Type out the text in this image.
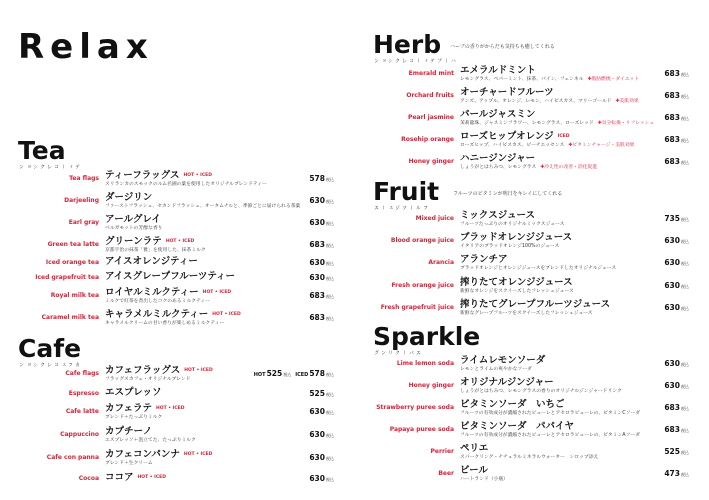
Relax
Tea
ティーコレクション
Tea flags ティーフラッグス $^{HOT • ICED}$
スリランカのスモックのルム名園の葉を使用したオリジナルブレンドティー
578税込
Darjeeling ダージリン
ファーストフラッシュ、セカンドフラッシュ、オータムナルと、季節ごとに届けられる茶葉
630税込
Earl gray アールグレイ
ベルガモットの芳醇な香り
630税込
Green tea latte グリーンラテ $^{HOT • ICED}$
京都宇治の抹茶「雅」を使用した、抹茶ミルク
683税込
Iced orange tea アイスオレンジティー	630税込
Iced grapefruit tea アイスグレープフルーツティー	630税込
Royal milk tea ロイヤルミルクティー $^{HOT • ICED}$
ミルクで紅茶を煮出したコクのあるミルクティー
683税込
Caramel milk tea キャラメルミルクティー $^{HOT • ICED}$
キャラメルクリームの甘い香りが楽しめるミルクティー
683税込
Cafe
カフェコレクション
Cafe flags カフェフラッグス $^{HOT • ICED}$
フラッグスカフェ・オリジナルブレンド
HOT525税込 ICED578税込
Espresso エスプレッソ	525税込
Cafe latte カフェラテ $^{HOT • ICED}$
ブレンド＋たっぷりミルク
630税込
Cappuccino カプチーノ
エスプレッソ＋泡立てた、たっぷりミルク
630税込
Cafe con panna カフェコンパンナ $^{HOT • ICED}$
ブレンド＋生クリーム
630税込
Cocoa ココア $^{HOT • ICED}$	630税込
Herb ハーブの香りがからだも気持ちも癒してくれる
ハーブティーコレクション
Emerald mint エメラルドミント
レモングラス、ペパーミント、抹茶、パイン、フェンネル ✚脂肪燃焼・ダイエット
683税込
Orchard fruits オーチャードフルーツ
アンズ、アップル、オレンジ、レモン、ハイビスカス、マリーゴールド ✚美肌効果
683税込
Pearl jasmine パールジャスミン
茉莉龍珠、ジャスミンフラワー、レモングラス、ローズレッド ✚気分転換・リフレッシュ
683税込
Rosehip orange ローズヒップオレンジ $^{ICED}$
ローズヒップ、ハイビスカス、ピーチエッセンス ✚ビタミンチャージ・美肌効果
683税込
Honey ginger ハニージンジャー
しょうがとはちみつ、レモングラス ✚冷え性の改善・消化促進
683税込
Fruit	フルーツのビタミンが明日をキレイにしてくれる
フルーツジュース
Mixed juice ミックスジュース
フルーツたっぷりのオリジナルミックスジュース
735税込
Blood orange juice ブラッドオレンジジュース
イタリアのブラッドオレンジ100%のジュース
630税込
Arancia アランチア
ブラッドオレンジとオレンジジュースをブレンドしたオリジナルジュース
630税込
Fresh orange juice 搾りたてオレンジジュース
新鮮なオレンジをスクイーズしたフレッシュジュース
630税込
Fresh grapefruit juice 搾りたてグレープフルーツジュース
新鮮なグレープフルーツをスクイーズしたフレッシュジュース
630税込
Sparkle
スパークリング
Lime lemon soda ライムレモンソーダ
レモンとライムの爽やかなソーダ
630税込
Honey ginger オリジナルジンジャー
しょうがとはちみつ、レモングラスの香りのオリジナルジンジャードリンク
630税込
Strawberry puree soda ビタミンソーダ　いちご
フルーツの有効成分が濃縮されたピューレとアセロラピューレの、ビタミンCソーダ
683税込
Papaya puree soda ビタミンソーダ　パパイヤ
フルーツの有効成分が濃縮されたピューレとアセロラピューレの、ビタミンAソーダ
683税込
Perrier ペリエ
スパークリング・ナチュラルミネラルウォーター　シロップ添え
525税込
Beer ビール
ハートランド（小瓶）
473税込
